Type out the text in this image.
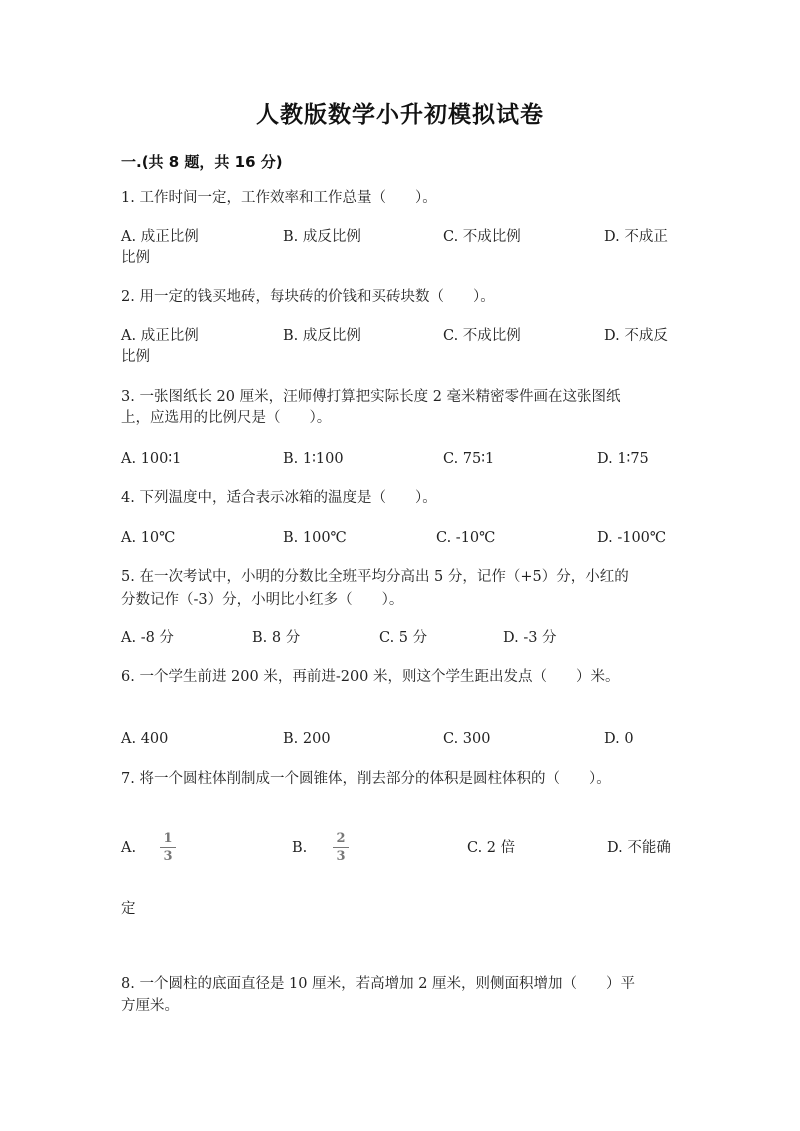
人教版数学小升初模拟试卷
一.(共 8 题，共 16 分)
1. 工作时间一定，工作效率和工作总量（　　）。
A. 成正比例	B. 成反比例	C. 不成比例	D. 不成正
比例
2. 用一定的钱买地砖，每块砖的价钱和买砖块数（　　）。
A. 成正比例	B. 成反比例	C. 不成比例	D. 不成反
比例
3. 一张图纸长 20 厘米，汪师傅打算把实际长度 2 毫米精密零件画在这张图纸
上，应选用的比例尺是（　　）。
A. 100∶1	B. 1∶100	C. 75∶1	D. 1∶75
4. 下列温度中，适合表示冰箱的温度是（　　）。
A. 10℃	B. 100℃	C. -10℃	D. -100℃
5. 在一次考试中，小明的分数比全班平均分高出 5 分，记作（+5）分，小红的
分数记作（-3）分，小明比小红多（　　）。
A. -8 分	B. 8 分	C. 5 分	D. -3 分
6. 一个学生前进 200 米，再前进-200 米，则这个学生距出发点（　　）米。
A. 400	B. 200	C. 300	D. 0
7. 将一个圆柱体削制成一个圆锥体，削去部分的体积是圆柱体积的（　　）。
A.
1
3
B.
2
3
C. 2 倍	D. 不能确
定
8. 一个圆柱的底面直径是 10 厘米，若高增加 2 厘米，则侧面积增加（　　）平
方厘米。
